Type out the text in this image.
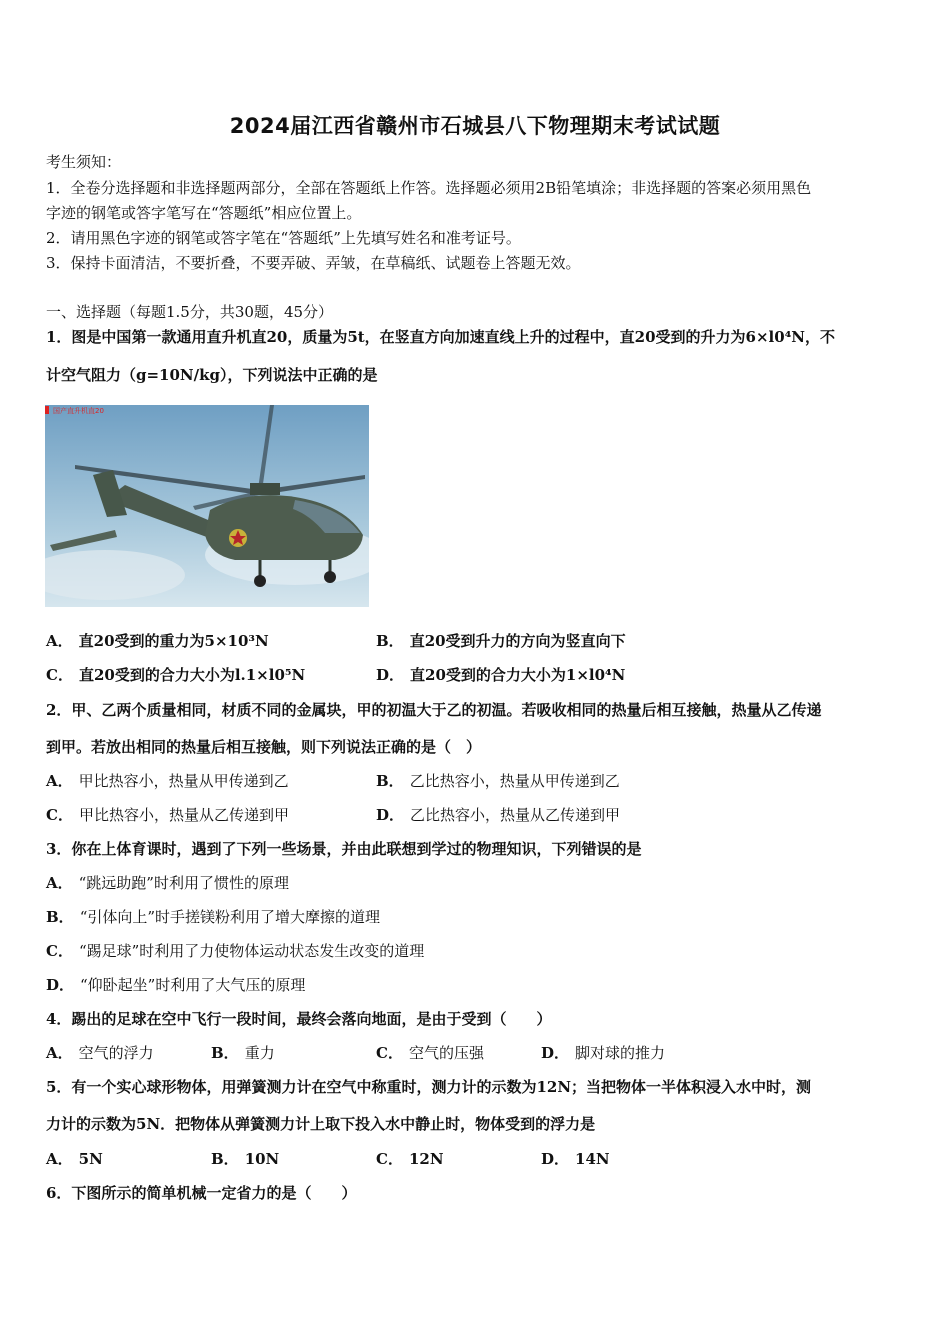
2024届江西省赣州市石城县八下物理期末考试试题
考生须知：
1．全卷分选择题和非选择题两部分，全部在答题纸上作答。选择题必须用2B铅笔填涂；非选择题的答案必须用黑色
字迹的钢笔或答字笔写在“答题纸”相应位置上。
2．请用黑色字迹的钢笔或答字笔在“答题纸”上先填写姓名和准考证号。
3．保持卡面清洁，不要折叠，不要弄破、弄皱，在草稿纸、试题卷上答题无效。
一、选择题（每题1.5分，共30题，45分）
1．图是中国第一款通用直升机直20，质量为5t，在竖直方向加速直线上升的过程中，直20受到的升力为6×l0⁴N，不
计空气阻力（g=10N/kg），下列说法中正确的是
国产直升机直20
A． 直20受到的重力为5×10³N	B． 直20受到升力的方向为竖直向下
C． 直20受到的合力大小为l.1×l0⁵N	D． 直20受到的合力大小为1×l0⁴N
2．甲、乙两个质量相同，材质不同的金属块，甲的初温大于乙的初温。若吸收相同的热量后相互接触，热量从乙传递
到甲。若放出相同的热量后相互接触，则下列说法正确的是（　）
A． 甲比热容小，热量从甲传递到乙	B． 乙比热容小，热量从甲传递到乙
C． 甲比热容小，热量从乙传递到甲	D． 乙比热容小，热量从乙传递到甲
3．你在上体育课时，遇到了下列一些场景，并由此联想到学过的物理知识，下列错误的是
A． “跳远助跑”时利用了惯性的原理
B． “引体向上”时手搓镁粉利用了增大摩擦的道理
C． “踢足球”时利用了力使物体运动状态发生改变的道理
D． “仰卧起坐”时利用了大气压的原理
4．踢出的足球在空中飞行一段时间，最终会落向地面，是由于受到（　　）
A． 空气的浮力	B． 重力	C． 空气的压强	D． 脚对球的推力
5．有一个实心球形物体，用弹簧测力计在空气中称重时，测力计的示数为12N；当把物体一半体积浸入水中时，测
力计的示数为5N．把物体从弹簧测力计上取下投入水中静止时，物体受到的浮力是
A． 5N	B． 10N	C． 12N	D． 14N
6．下图所示的简单机械一定省力的是（　　）
